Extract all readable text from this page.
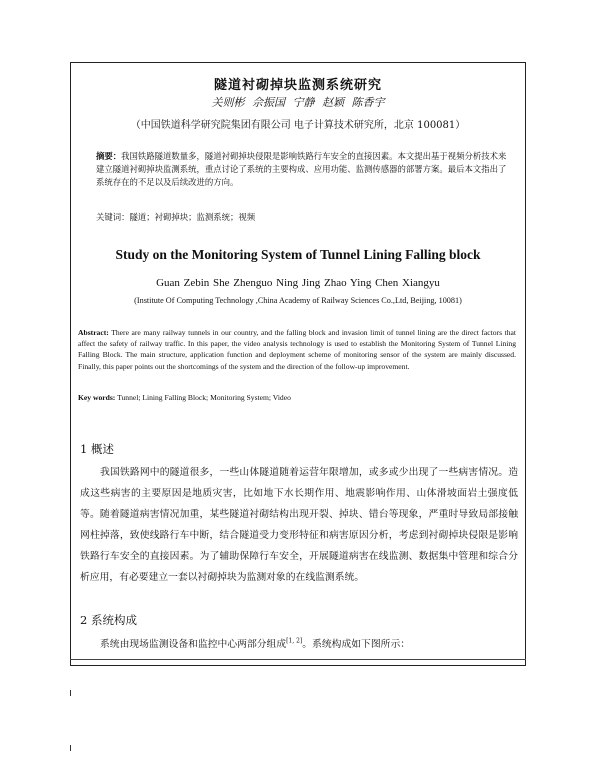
隧道衬砌掉块监测系统研究
关则彬 佘振国 宁静 赵颖 陈香宇
（中国铁道科学研究院集团有限公司 电子计算技术研究所，北京 100081）
摘要：我国铁路隧道数量多，隧道衬砌掉块侵限是影响铁路行车安全的直接因素。本文提出基于视频分析技术来建立隧道衬砌掉块监测系统，重点讨论了系统的主要构成、应用功能、监测传感器的部署方案。最后本文指出了系统存在的不足以及后续改进的方向。
关键词：隧道；衬砌掉块；监测系统；视频
Study on the Monitoring System of Tunnel Lining Falling block
Guan Zebin She Zhenguo Ning Jing Zhao Ying Chen Xiangyu
(Institute Of Computing Technology ,China Academy of Railway Sciences Co.,Ltd, Beijing, 10081)
Abstract: There are many railway tunnels in our country, and the falling block and invasion limit of tunnel lining are the direct factors that affect the safety of railway traffic. In this paper, the video analysis technology is used to establish the Monitoring System of Tunnel Lining Falling Block. The main structure, application function and deployment scheme of monitoring sensor of the system are mainly discussed. Finally, this paper points out the shortcomings of the system and the direction of the follow-up improvement.
Key words: Tunnel; Lining Falling Block; Monitoring System; Video
1 概述

我国铁路网中的隧道很多，一些山体隧道随着运营年限增加，或多或少出现了一些病害情况。造成这些病害的主要原因是地质灾害，比如地下水长期作用、地震影响作用、山体滑坡面岩土强度低等。随着隧道病害情况加重，某些隧道衬砌结构出现开裂、掉块、错台等现象，严重时导致局部接触网柱掉落，致使线路行车中断，结合隧道受力变形特征和病害原因分析，考虑到衬砌掉块侵限是影响铁路行车安全的直接因素。为了辅助保障行车安全，开展隧道病害在线监测、数据集中管理和综合分析应用，有必要建立一套以衬砌掉块为监测对象的在线监测系统。

2 系统构成
系统由现场监测设备和监控中心两部分组成[1, 2]。系统构成如下图所示：
